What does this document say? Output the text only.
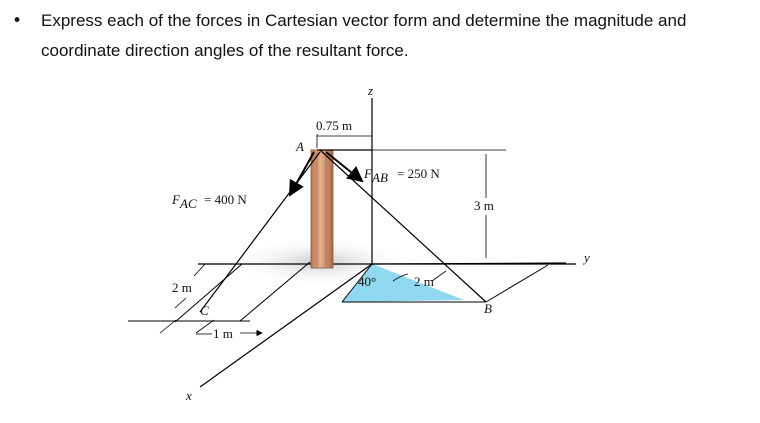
• Express each of the forces in Cartesian vector form and determine the magnitude and coordinate direction angles of the resultant force.
z
y
x
0.75 m
A
3 m
F AB = 250 N
F AC = 400 N
C	B
2 m
1 m
40°	2 m
